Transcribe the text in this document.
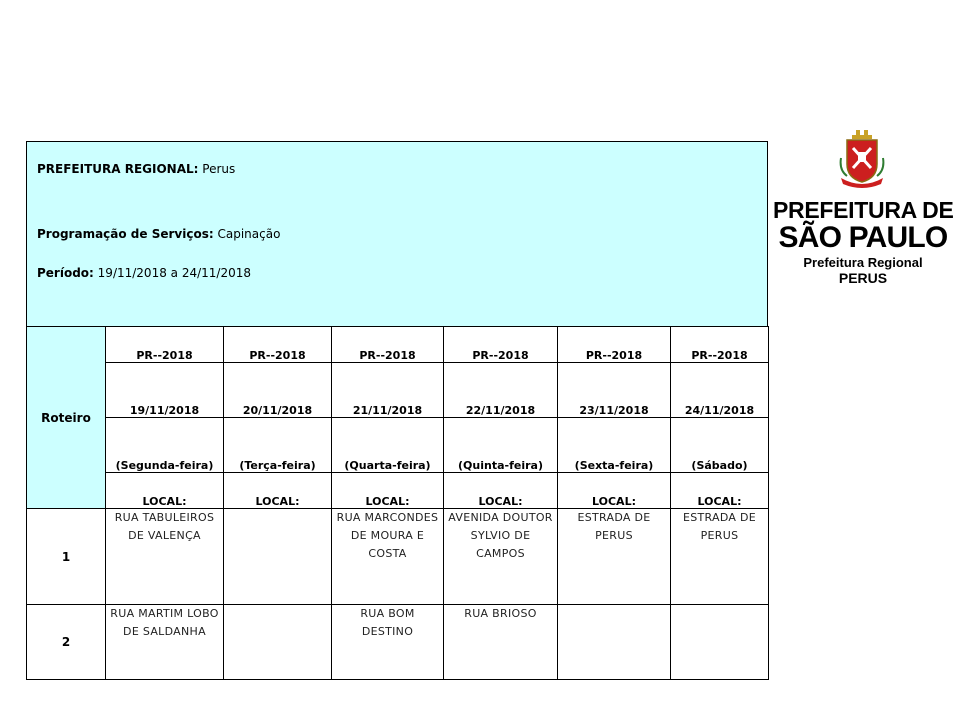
PREFEITURA REGIONAL: Perus
Programação de Serviços: Capinação
Período: 19/11/2018 a 24/11/2018
PREFEITURA DE
SÃO PAULO
Prefeitura Regional
PERUS
Roteiro	PR--2018	PR--2018	PR--2018	PR--2018	PR--2018	PR--2018
	19/11/2018	20/11/2018	21/11/2018	22/11/2018	23/11/2018	24/11/2018
	(Segunda-feira)	(Terça-feira)	(Quarta-feira)	(Quinta-feira)	(Sexta-feira)	(Sábado)
	LOCAL:	LOCAL:	LOCAL:	LOCAL:	LOCAL:	LOCAL:
1	RUA TABULEIROS DE VALENÇA		RUA MARCONDES DE MOURA E COSTA	AVENIDA DOUTOR SYLVIO DE CAMPOS	ESTRADA DE PERUS	ESTRADA DE PERUS
2	RUA MARTIM LOBO DE SALDANHA		RUA BOM DESTINO	RUA BRIOSO		
